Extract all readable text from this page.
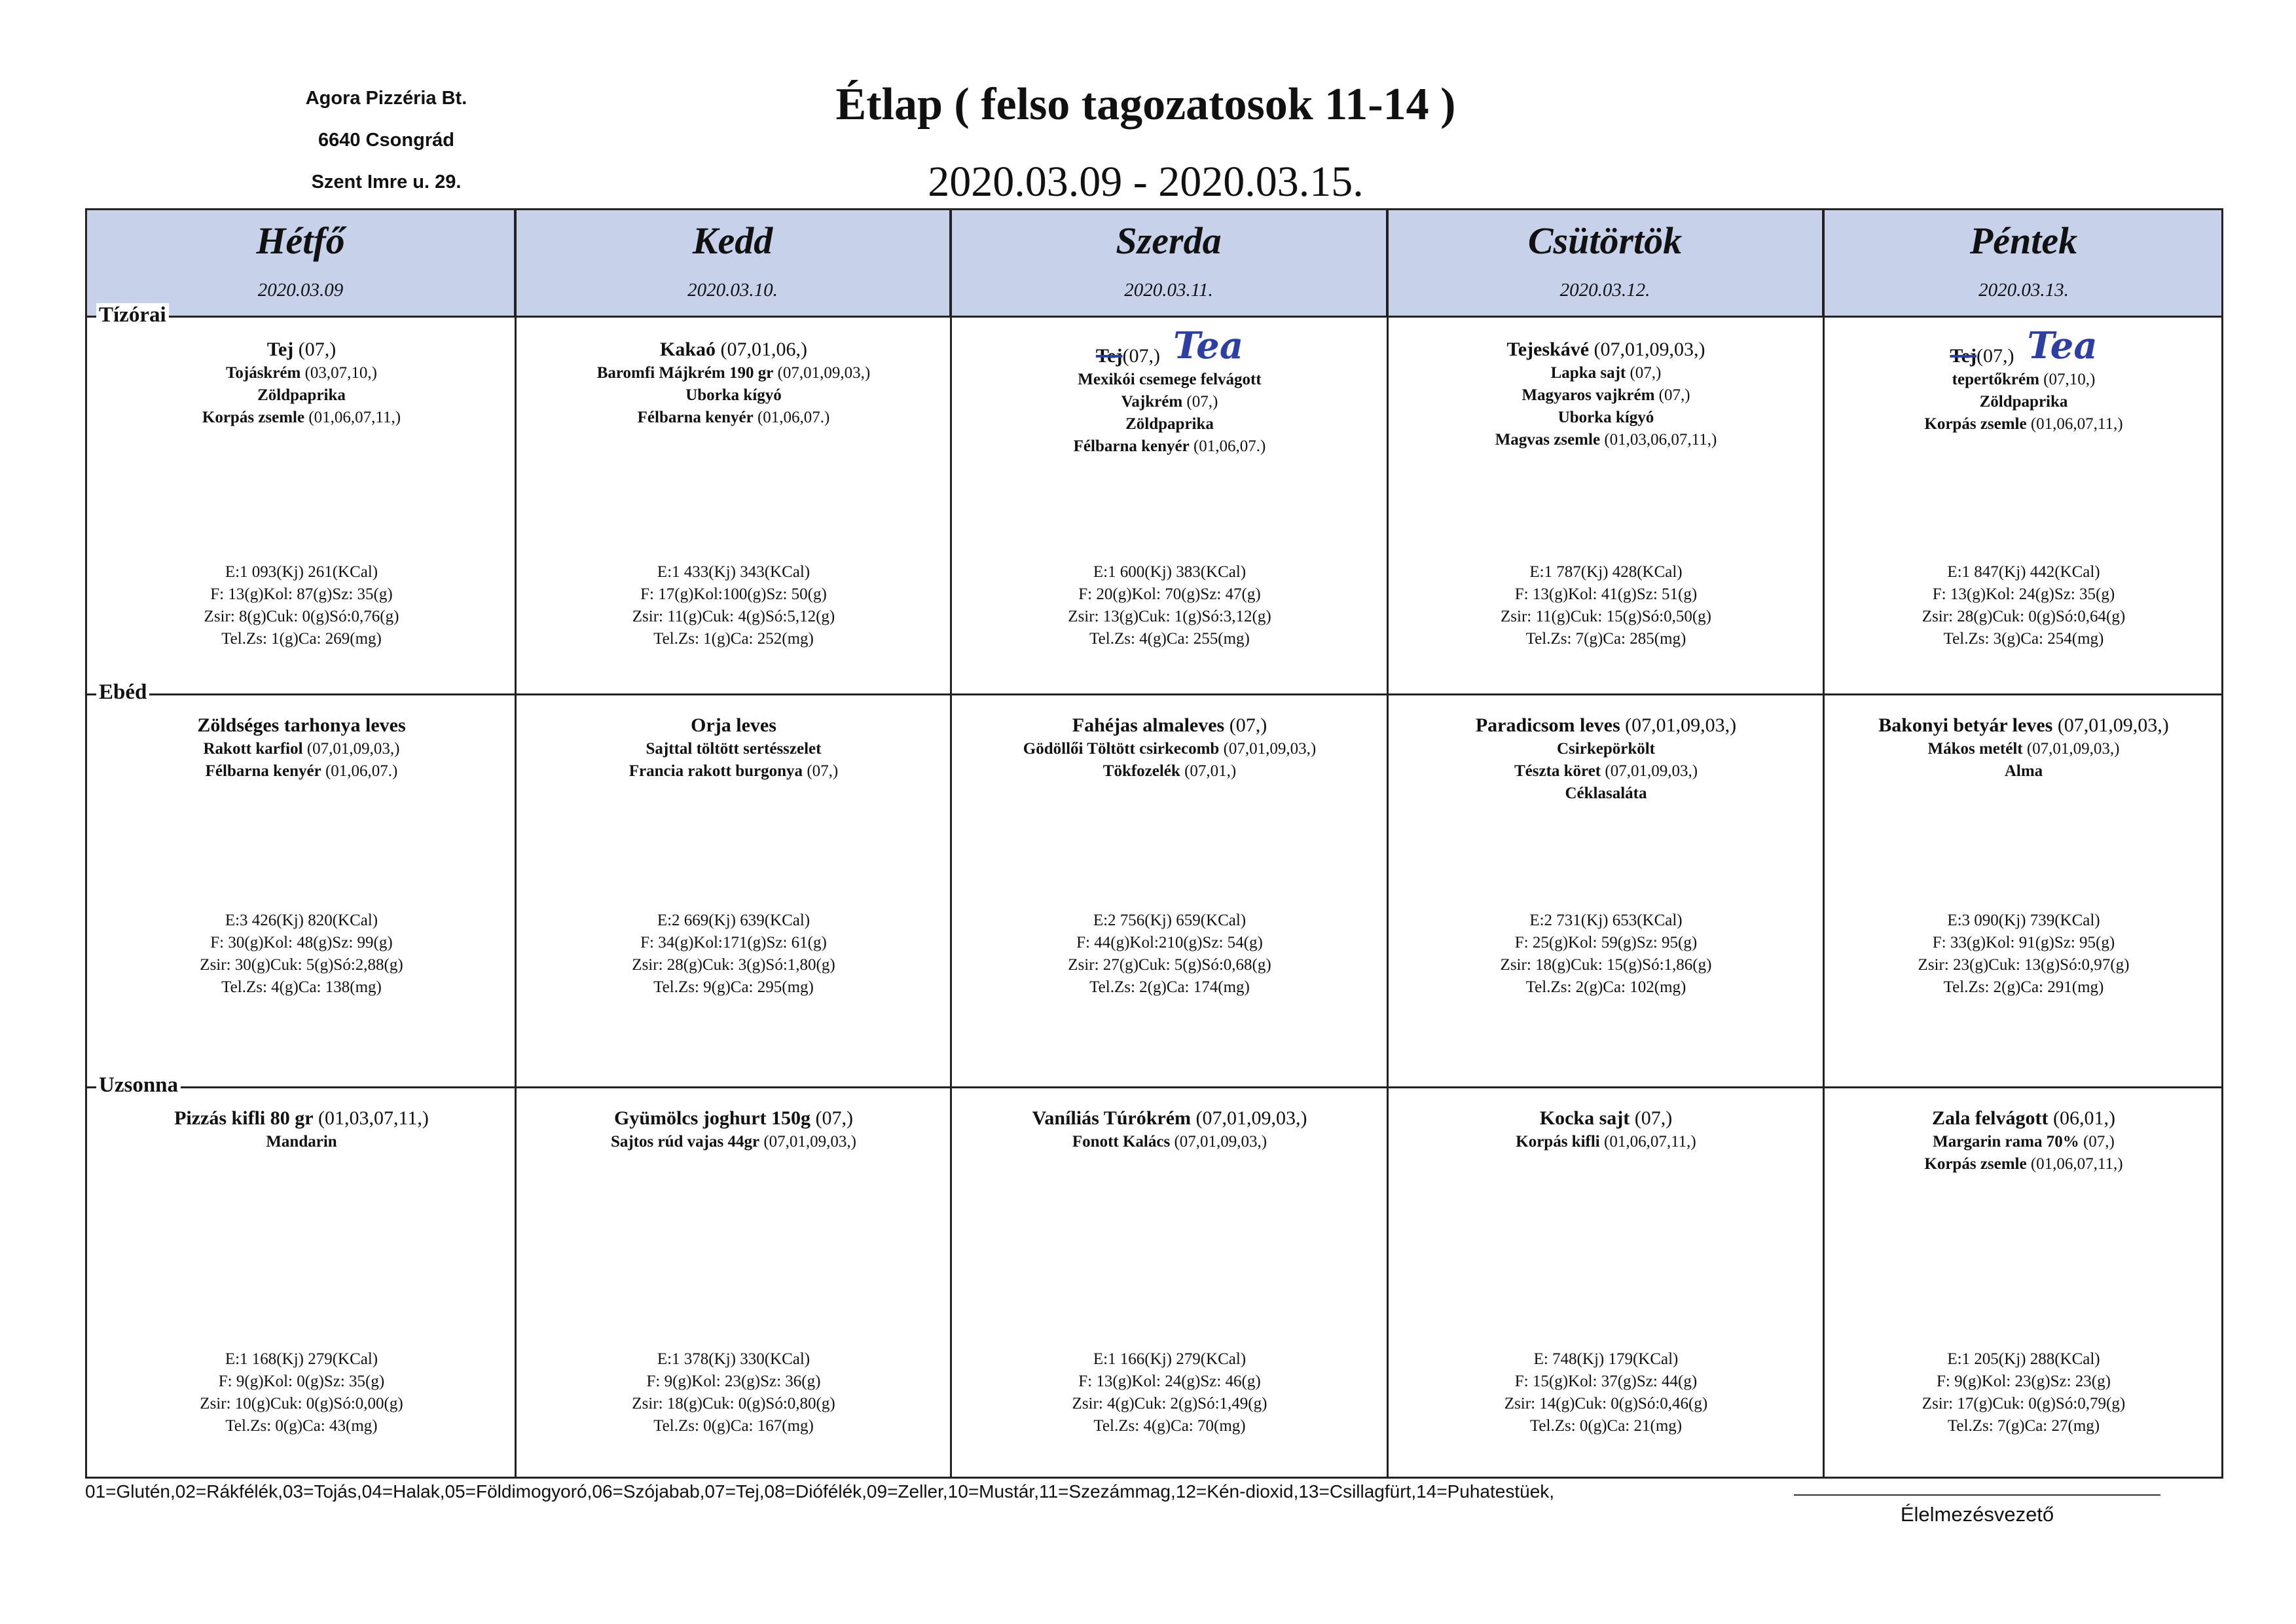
Agora Pizzéria Bt.
6640 Csongrád
Szent Imre u. 29.
Étlap ( felso tagozatosok 11-14 )
2020.03.09 - 2020.03.15.
Hétfő
2020.03.09
Kedd
2020.03.10.
Szerda
2020.03.11.
Csütörtök
2020.03.12.
Péntek
2020.03.13.
Tízórai
Ebéd
Uzsonna
Tej (07,)
Tojáskrém (03,07,10,)
Zöldpaprika
Korpás zsemle (01,06,07,11,)
E:1 093(Kj) 261(KCal)
F: 13(g)Kol: 87(g)Sz: 35(g)
Zsir: 8(g)Cuk: 0(g)Só:0,76(g)
Tel.Zs: 1(g)Ca: 269(mg)
Zöldséges tarhonya leves
Rakott karfiol (07,01,09,03,)
Félbarna kenyér (01,06,07.)
E:3 426(Kj) 820(KCal)
F: 30(g)Kol: 48(g)Sz: 99(g)
Zsir: 30(g)Cuk: 5(g)Só:2,88(g)
Tel.Zs: 4(g)Ca: 138(mg)
Pizzás kifli 80 gr (01,03,07,11,)
Mandarin
E:1 168(Kj) 279(KCal)
F: 9(g)Kol: 0(g)Sz: 35(g)
Zsir: 10(g)Cuk: 0(g)Só:0,00(g)
Tel.Zs: 0(g)Ca: 43(mg)
Kakaó (07,01,06,)
Baromfi Májkrém 190 gr (07,01,09,03,)
Uborka kígyó
Félbarna kenyér (01,06,07.)
E:1 433(Kj) 343(KCal)
F: 17(g)Kol:100(g)Sz: 50(g)
Zsir: 11(g)Cuk: 4(g)Só:5,12(g)
Tel.Zs: 1(g)Ca: 252(mg)
Orja leves
Sajttal töltött sertésszelet
Francia rakott burgonya (07,)
E:2 669(Kj) 639(KCal)
F: 34(g)Kol:171(g)Sz: 61(g)
Zsir: 28(g)Cuk: 3(g)Só:1,80(g)
Tel.Zs: 9(g)Ca: 295(mg)
Gyümölcs joghurt 150g (07,)
Sajtos rúd vajas 44gr (07,01,09,03,)
E:1 378(Kj) 330(KCal)
F: 9(g)Kol: 23(g)Sz: 36(g)
Zsir: 18(g)Cuk: 0(g)Só:0,80(g)
Tel.Zs: 0(g)Ca: 167(mg)
Tej(07,) Tea
Mexikói csemege felvágott
Vajkrém (07,)
Zöldpaprika
Félbarna kenyér (01,06,07.)
E:1 600(Kj) 383(KCal)
F: 20(g)Kol: 70(g)Sz: 47(g)
Zsir: 13(g)Cuk: 1(g)Só:3,12(g)
Tel.Zs: 4(g)Ca: 255(mg)
Fahéjas almaleves (07,)
Gödöllői Töltött csirkecomb (07,01,09,03,)
Tökfozelék (07,01,)
E:2 756(Kj) 659(KCal)
F: 44(g)Kol:210(g)Sz: 54(g)
Zsir: 27(g)Cuk: 5(g)Só:0,68(g)
Tel.Zs: 2(g)Ca: 174(mg)
Vaníliás Túrókrém (07,01,09,03,)
Fonott Kalács (07,01,09,03,)
E:1 166(Kj) 279(KCal)
F: 13(g)Kol: 24(g)Sz: 46(g)
Zsir: 4(g)Cuk: 2(g)Só:1,49(g)
Tel.Zs: 4(g)Ca: 70(mg)
Tejeskávé (07,01,09,03,)
Lapka sajt (07,)
Magyaros vajkrém (07,)
Uborka kígyó
Magvas zsemle (01,03,06,07,11,)
E:1 787(Kj) 428(KCal)
F: 13(g)Kol: 41(g)Sz: 51(g)
Zsir: 11(g)Cuk: 15(g)Só:0,50(g)
Tel.Zs: 7(g)Ca: 285(mg)
Paradicsom leves (07,01,09,03,)
Csirkepörkölt
Tészta köret (07,01,09,03,)
Céklasaláta
E:2 731(Kj) 653(KCal)
F: 25(g)Kol: 59(g)Sz: 95(g)
Zsir: 18(g)Cuk: 15(g)Só:1,86(g)
Tel.Zs: 2(g)Ca: 102(mg)
Kocka sajt (07,)
Korpás kifli (01,06,07,11,)
E: 748(Kj) 179(KCal)
F: 15(g)Kol: 37(g)Sz: 44(g)
Zsir: 14(g)Cuk: 0(g)Só:0,46(g)
Tel.Zs: 0(g)Ca: 21(mg)
Tej(07,) Tea
tepertőkrém (07,10,)
Zöldpaprika
Korpás zsemle (01,06,07,11,)
E:1 847(Kj) 442(KCal)
F: 13(g)Kol: 24(g)Sz: 35(g)
Zsir: 28(g)Cuk: 0(g)Só:0,64(g)
Tel.Zs: 3(g)Ca: 254(mg)
Bakonyi betyár leves (07,01,09,03,)
Mákos metélt (07,01,09,03,)
Alma
E:3 090(Kj) 739(KCal)
F: 33(g)Kol: 91(g)Sz: 95(g)
Zsir: 23(g)Cuk: 13(g)Só:0,97(g)
Tel.Zs: 2(g)Ca: 291(mg)
Zala felvágott (06,01,)
Margarin rama 70% (07,)
Korpás zsemle (01,06,07,11,)
E:1 205(Kj) 288(KCal)
F: 9(g)Kol: 23(g)Sz: 23(g)
Zsir: 17(g)Cuk: 0(g)Só:0,79(g)
Tel.Zs: 7(g)Ca: 27(mg)
01=Glutén,02=Rákfélék,03=Tojás,04=Halak,05=Földimogyoró,06=Szójabab,07=Tej,08=Diófélék,09=Zeller,10=Mustár,11=Szezámmag,12=Kén-dioxid,13=Csillagfürt,14=Puhatestüek,
Élelmezésvezető
